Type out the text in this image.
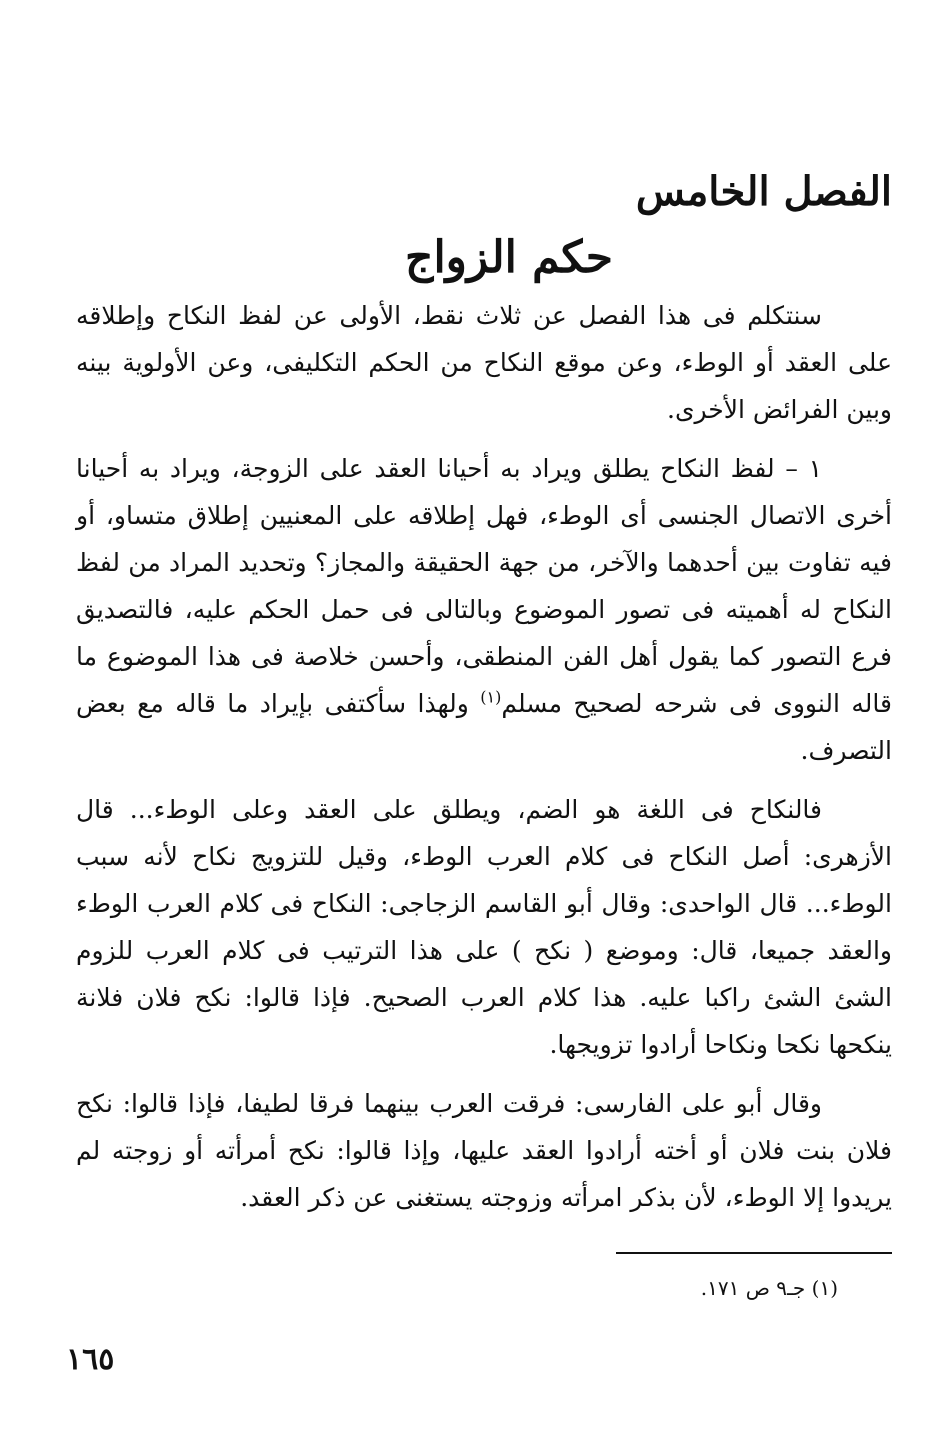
الفصل الخامس
حكم الزواج

سنتكلم فى هذا الفصل عن ثلاث نقط، الأولى عن لفظ النكاح وإطلاقه على العقد أو الوطء، وعن موقع النكاح من الحكم التكليفى، وعن الأولوية بينه وبين الفرائض الأخرى.

١ – لفظ النكاح يطلق ويراد به أحيانا العقد على الزوجة، ويراد به أحيانا أخرى الاتصال الجنسى أى الوطء، فهل إطلاقه على المعنيين إطلاق متساو، أو فيه تفاوت بين أحدهما والآخر، من جهة الحقيقة والمجاز؟ وتحديد المراد من لفظ النكاح له أهميته فى تصور الموضوع وبالتالى فى حمل الحكم عليه، فالتصديق فرع التصور كما يقول أهل الفن المنطقى، وأحسن خلاصة فى هذا الموضوع ما قاله النووى فى شرحه لصحيح مسلم$^{(١)}$ ولهذا سأكتفى بإيراد ما قاله مع بعض التصرف.

فالنكاح فى اللغة هو الضم، ويطلق على العقد وعلى الوطء... قال الأزهرى: أصل النكاح فى كلام العرب الوطء، وقيل للتزويج نكاح لأنه سبب الوطء... قال الواحدى: وقال أبو القاسم الزجاجى: النكاح فى كلام العرب الوطء والعقد جميعا، قال: وموضع ( نكح ) على هذا الترتيب فى كلام العرب للزوم الشئ الشئ راكبا عليه. هذا كلام العرب الصحيح. فإذا قالوا: نكح فلان فلانة ينكحها نكحا ونكاحا أرادوا تزويجها.

وقال أبو على الفارسى: فرقت العرب بينهما فرقا لطيفا، فإذا قالوا: نكح فلان بنت فلان أو أخته أرادوا العقد عليها، وإذا قالوا: نكح أمرأته أو زوجته لم يريدوا إلا الوطء، لأن بذكر امرأته وزوجته يستغنى عن ذكر العقد.

(١) جـ٩ ص ١٧١.

١٦٥
